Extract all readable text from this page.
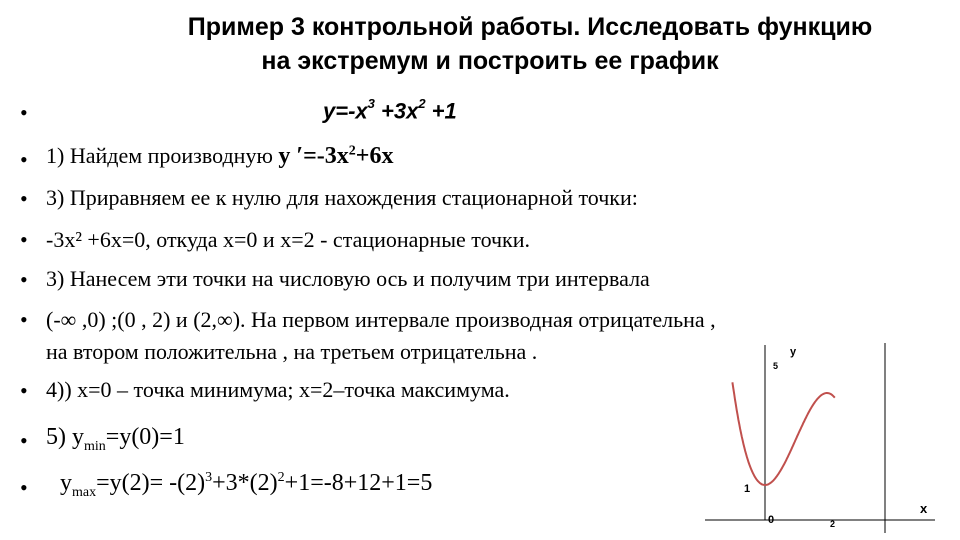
Пример 3 контрольной работы. Исследовать функцию
на экстремум и построить ее график
•
•
•
•
•
•
•
•
•
$y=-x^3 +3x^2 +1$
1) Найдем производную y $'=-3x^2+6x$
3) Приравняем ее к нулю для нахождения стационарной точки:
-3x² +6x=0, откуда x=0 и x=2 - стационарные точки.
3) Нанесем эти точки на числовую ось и получим три интервала
(-∞ ,0) ;(0 , 2) и (2,∞). На первом интервале производная отрицательна ,
на втором положительна , на третьем отрицательна .
4)) x=0 – точка минимума; x=2–точка максимума.
5) $y_{min}=y(0)=1$
$y_{max}=y(2)= -(2)^3+3*(2)^2+1=-8+12+1=5$
y
x
5
1
0	2
